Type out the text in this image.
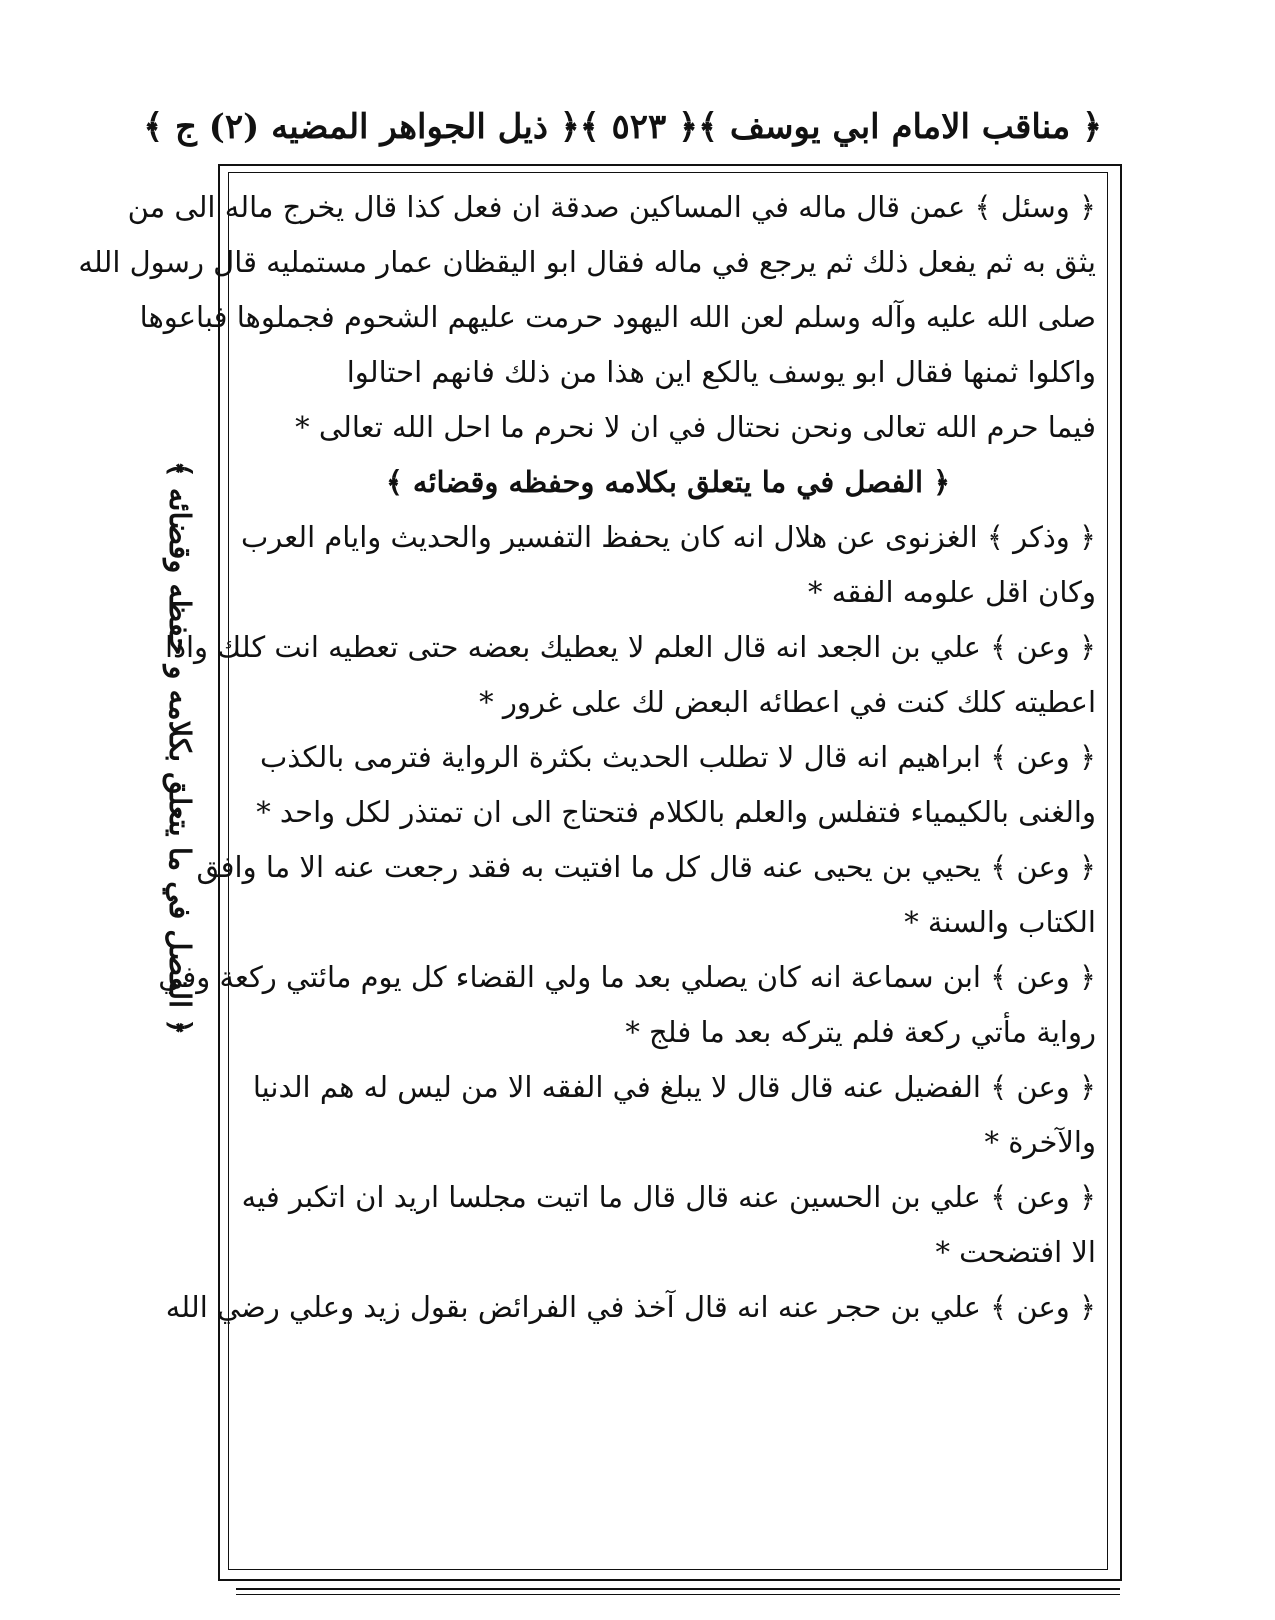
﴿ مناقب الامام ابي يوسف ﴾
﴿ ٥٢٣ ﴾
﴿ ذيل الجواهر المضيه (٢) ج ﴾
﴿ وسئل ﴾ عمن قال ماله في المساكين صدقة ان فعل كذا قال يخرج ماله الى من
يثق به ثم يفعل ذلك ثم يرجع في ماله فقال ابو اليقظان عمار مستمليه قال رسول الله
صلى الله عليه وآله وسلم لعن الله اليهود حرمت عليهم الشحوم فجملوها فباعوها
واكلوا ثمنها فقال ابو يوسف يالكع اين هذا من ذلك فانهم احتالوا
فيما حرم الله تعالى ونحن نحتال في ان لا نحرم ما احل الله تعالى *
﴿ الفصل في ما يتعلق بكلامه وحفظه وقضائه ﴾
﴿ وذكر ﴾ الغزنوى عن هلال انه كان يحفظ التفسير والحديث وايام العرب
وكان اقل علومه الفقه *
﴿ وعن ﴾ علي بن الجعد انه قال العلم لا يعطيك بعضه حتى تعطيه انت كلك واذا
اعطيته كلك كنت في اعطائه البعض لك على غرور *
﴿ وعن ﴾ ابراهيم انه قال لا تطلب الحديث بكثرة الرواية فترمى بالكذب
والغنى بالكيمياء فتفلس والعلم بالكلام فتحتاج الى ان تمتذر لكل واحد *
﴿ وعن ﴾ يحيي بن يحيى عنه قال كل ما افتيت به فقد رجعت عنه الا ما وافق
الكتاب والسنة *
﴿ وعن ﴾ ابن سماعة انه كان يصلي بعد ما ولي القضاء كل يوم مائتي ركعة وفي
رواية مأتي ركعة فلم يتركه بعد ما فلج *
﴿ وعن ﴾ الفضيل عنه قال قال لا يبلغ في الفقه الا من ليس له هم الدنيا
والآخرة *
﴿ وعن ﴾ علي بن الحسين عنه قال قال ما اتيت مجلسا اريد ان اتكبر فيه
الا افتضحت *
﴿ وعن ﴾ علي بن حجر عنه انه قال آخذ في الفرائض بقول زيد وعلي رضي الله
﴿ الفصل في ما يتعلق بكلامه و حفظه وقضائه ﴾
